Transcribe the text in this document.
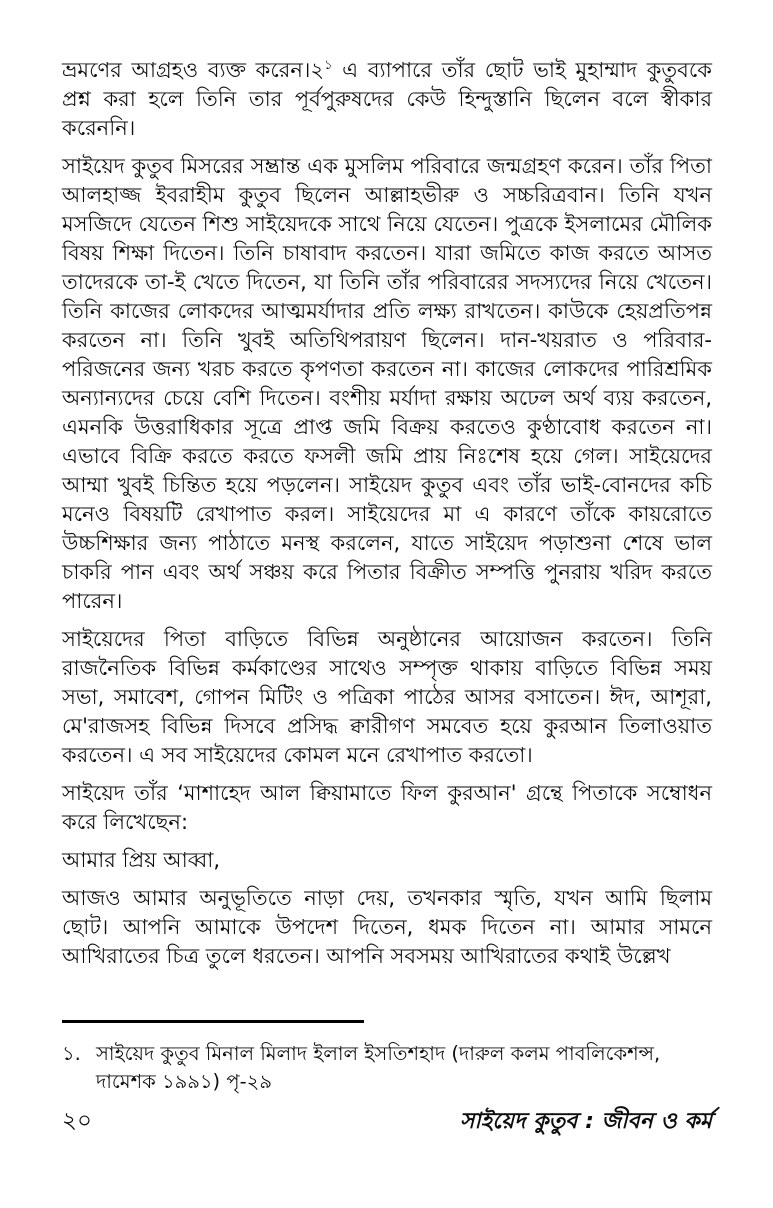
ভ্রমণের আগ্রহও ব্যক্ত করেন।২$^১$ এ ব্যাপারে তাঁর ছোট ভাই মুহাম্মাদ কুতুবকে প্রশ্ন করা হলে তিনি তার পূর্বপুরুষদের কেউ হিন্দুস্তানি ছিলেন বলে স্বীকার করেননি।

সাইয়েদ কুতুব মিসরের সম্ভ্রান্ত এক মুসলিম পরিবারে জন্মগ্রহণ করেন। তাঁর পিতা আলহাজ্জ ইবরাহীম কুতুব ছিলেন আল্লাহভীরু ও সচ্চরিত্রবান। তিনি যখন মসজিদে যেতেন শিশু সাইয়েদকে সাথে নিয়ে যেতেন। পুত্রকে ইসলামের মৌলিক বিষয় শিক্ষা দিতেন। তিনি চাষাবাদ করতেন। যারা জমিতে কাজ করতে আসত তাদেরকে তা-ই খেতে দিতেন, যা তিনি তাঁর পরিবারের সদস্যদের নিয়ে খেতেন। তিনি কাজের লোকদের আত্মমর্যাদার প্রতি লক্ষ্য রাখতেন। কাউকে হেয়প্রতিপন্ন করতেন না। তিনি খুবই অতিথিপরায়ণ ছিলেন। দান-খয়রাত ও পরিবার-পরিজনের জন্য খরচ করতে কৃপণতা করতেন না। কাজের লোকদের পারিশ্রমিক অন্যান্যদের চেয়ে বেশি দিতেন। বংশীয় মর্যাদা রক্ষায় অঢেল অর্থ ব্যয় করতেন, এমনকি উত্তরাধিকার সূত্রে প্রাপ্ত জমি বিক্রয় করতেও কুণ্ঠাবোধ করতেন না। এভাবে বিক্রি করতে করতে ফসলী জমি প্রায় নিঃশেষ হয়ে গেল। সাইয়েদের আম্মা খুবই চিন্তিত হয়ে পড়লেন। সাইয়েদ কুতুব এবং তাঁর ভাই-বোনদের কচি মনেও বিষয়টি রেখাপাত করল। সাইয়েদের মা এ কারণে তাঁকে কায়রোতে উচ্চশিক্ষার জন্য পাঠাতে মনস্থ করলেন, যাতে সাইয়েদ পড়াশুনা শেষে ভাল চাকরি পান এবং অর্থ সঞ্চয় করে পিতার বিক্রীত সম্পত্তি পুনরায় খরিদ করতে পারেন।

সাইয়েদের পিতা বাড়িতে বিভিন্ন অনুষ্ঠানের আয়োজন করতেন। তিনি রাজনৈতিক বিভিন্ন কর্মকাণ্ডের সাথেও সম্পৃক্ত থাকায় বাড়িতে বিভিন্ন সময় সভা, সমাবেশ, গোপন মিটিং ও পত্রিকা পাঠের আসর বসাতেন। ঈদ, আশূরা, মে'রাজসহ বিভিন্ন দিসবে প্রসিদ্ধ ক্বারীগণ সমবেত হয়ে কুরআন তিলাওয়াত করতেন। এ সব সাইয়েদের কোমল মনে রেখাপাত করতো।

সাইয়েদ তাঁর ‘মাশাহেদ আল ক্বিয়ামাতে ফিল কুরআন' গ্রন্থে পিতাকে সম্বোধন করে লিখেছেন:

আমার প্রিয় আব্বা,

আজও আমার অনুভূতিতে নাড়া দেয়, তখনকার স্মৃতি, যখন আমি ছিলাম ছোট। আপনি আমাকে উপদেশ দিতেন, ধমক দিতেন না। আমার সামনে আখিরাতের চিত্র তুলে ধরতেন। আপনি সবসময় আখিরাতের কথাই উল্লেখ

১. সাইয়েদ কুতুব মিনাল মিলাদ ইলাল ইসতিশহাদ (দারুল কলম পাবলিকেশন্স, দামেশক ১৯৯১) পৃ-২৯
২০	সাইয়েদ কুতুব : জীবন ও কর্ম
